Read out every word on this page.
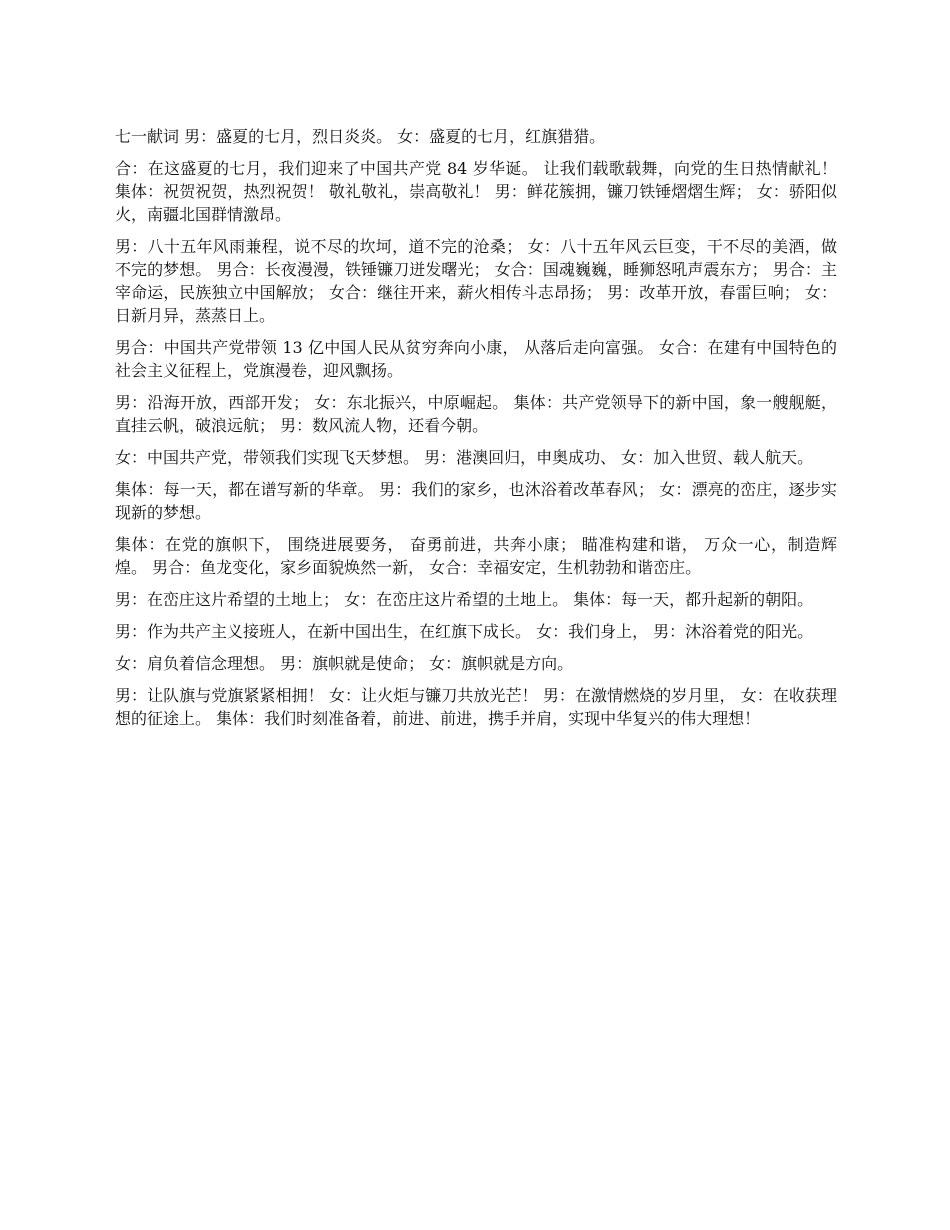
七一献词 男：盛夏的七月，烈日炎炎。 女：盛夏的七月，红旗猎猎。

合：在这盛夏的七月，我们迎来了中国共产党 84 岁华诞。 让我们载歌载舞，向党的生日热情献礼！ 集体：祝贺祝贺，热烈祝贺！ 敬礼敬礼，崇高敬礼！ 男：鲜花簇拥，镰刀铁锤熠熠生辉； 女：骄阳似火，南疆北国群情激昂。

男：八十五年风雨兼程，说不尽的坎坷，道不完的沧桑； 女：八十五年风云巨变，干不尽的美酒，做不完的梦想。 男合：长夜漫漫，铁锤镰刀迸发曙光； 女合：国魂巍巍，睡狮怒吼声震东方； 男合：主宰命运，民族独立中国解放； 女合：继往开来，薪火相传斗志昂扬； 男：改革开放，春雷巨响； 女：日新月异，蒸蒸日上。

男合：中国共产党带领 13 亿中国人民从贫穷奔向小康， 从落后走向富强。 女合：在建有中国特色的社会主义征程上，党旗漫卷，迎风飘扬。

男：沿海开放，西部开发； 女：东北振兴，中原崛起。 集体：共产党领导下的新中国，象一艘舰艇，直挂云帆，破浪远航； 男：数风流人物，还看今朝。

女：中国共产党，带领我们实现飞天梦想。 男：港澳回归，申奥成功、 女：加入世贸、载人航天。

集体：每一天，都在谱写新的华章。 男：我们的家乡，也沐浴着改革春风； 女：漂亮的峦庄，逐步实现新的梦想。

集体：在党的旗帜下， 围绕进展要务， 奋勇前进，共奔小康； 瞄准构建和谐， 万众一心，制造辉煌。 男合：鱼龙变化，家乡面貌焕然一新， 女合：幸福安定，生机勃勃和谐峦庄。

男：在峦庄这片希望的土地上； 女：在峦庄这片希望的土地上。 集体：每一天，都升起新的朝阳。

男：作为共产主义接班人，在新中国出生，在红旗下成长。 女：我们身上， 男：沐浴着党的阳光。

女：肩负着信念理想。 男：旗帜就是使命； 女：旗帜就是方向。

男：让队旗与党旗紧紧相拥！ 女：让火炬与镰刀共放光芒！ 男：在激情燃烧的岁月里， 女：在收获理想的征途上。 集体：我们时刻准备着，前进、前进，携手并肩，实现中华复兴的伟大理想！
